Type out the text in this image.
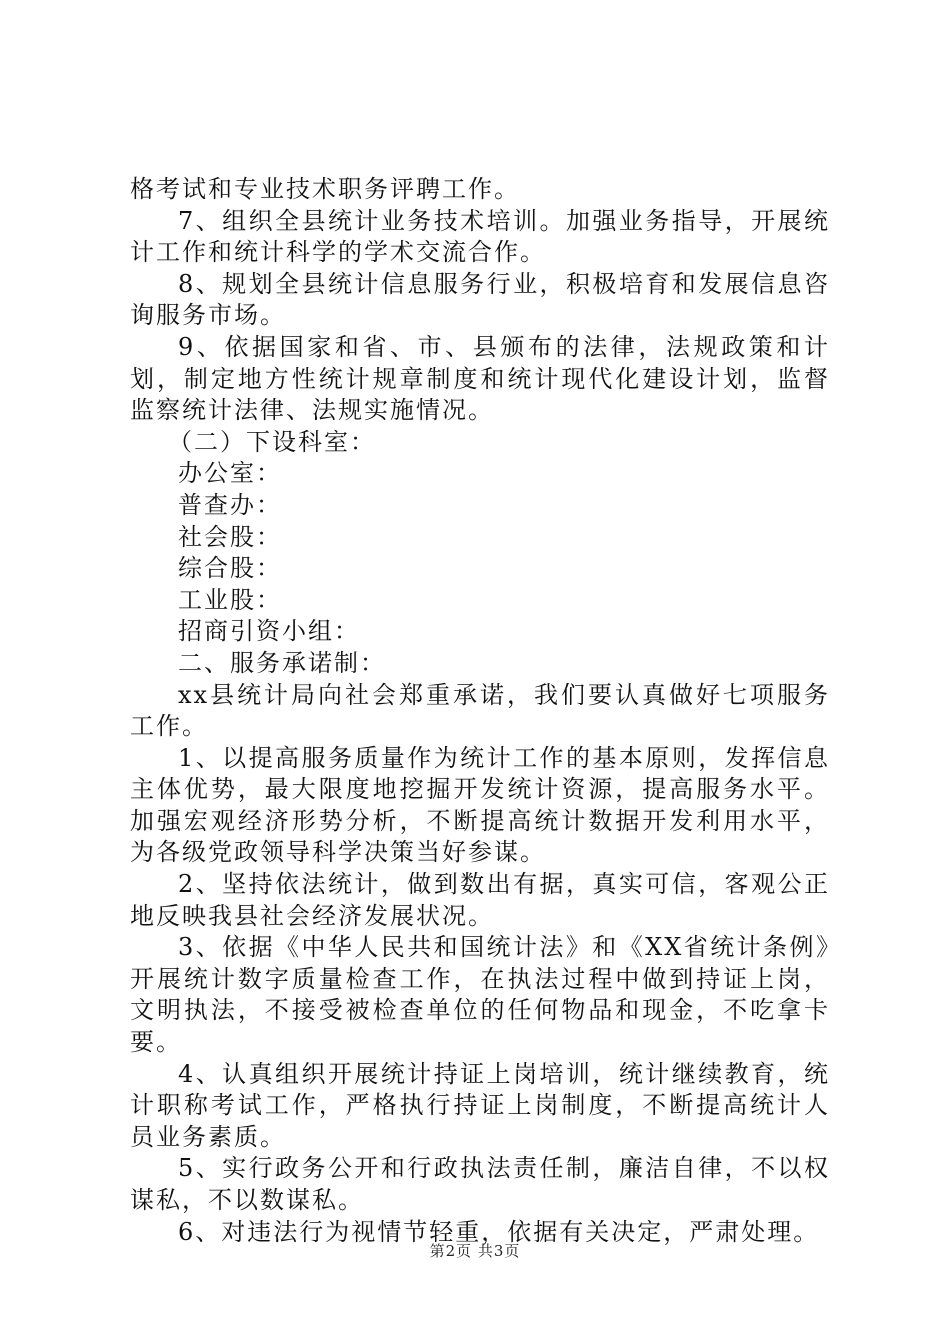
格考试和专业技术职务评聘工作。

7、组织全县统计业务技术培训。加强业务指导，开展统计工作和统计科学的学术交流合作。

8、规划全县统计信息服务行业，积极培育和发展信息咨询服务市场。

9、依据国家和省、市、县颁布的法律，法规政策和计划，制定地方性统计规章制度和统计现代化建设计划，监督监察统计法律、法规实施情况。

（二）下设科室：

办公室：

普查办：

社会股：

综合股：

工业股：

招商引资小组：

二、服务承诺制：

xx县统计局向社会郑重承诺，我们要认真做好七项服务工作。

1、以提高服务质量作为统计工作的基本原则，发挥信息主体优势，最大限度地挖掘开发统计资源，提高服务水平。加强宏观经济形势分析，不断提高统计数据开发利用水平，为各级党政领导科学决策当好参谋。

2、坚持依法统计，做到数出有据，真实可信，客观公正地反映我县社会经济发展状况。

3、依据《中华人民共和国统计法》和《XX省统计条例》开展统计数字质量检查工作，在执法过程中做到持证上岗，文明执法，不接受被检查单位的任何物品和现金，不吃拿卡要。

4、认真组织开展统计持证上岗培训，统计继续教育，统计职称考试工作，严格执行持证上岗制度，不断提高统计人员业务素质。

5、实行政务公开和行政执法责任制，廉洁自律，不以权谋私，不以数谋私。

6、对违法行为视情节轻重，依据有关决定，严肃处理。

第2页 共3页
